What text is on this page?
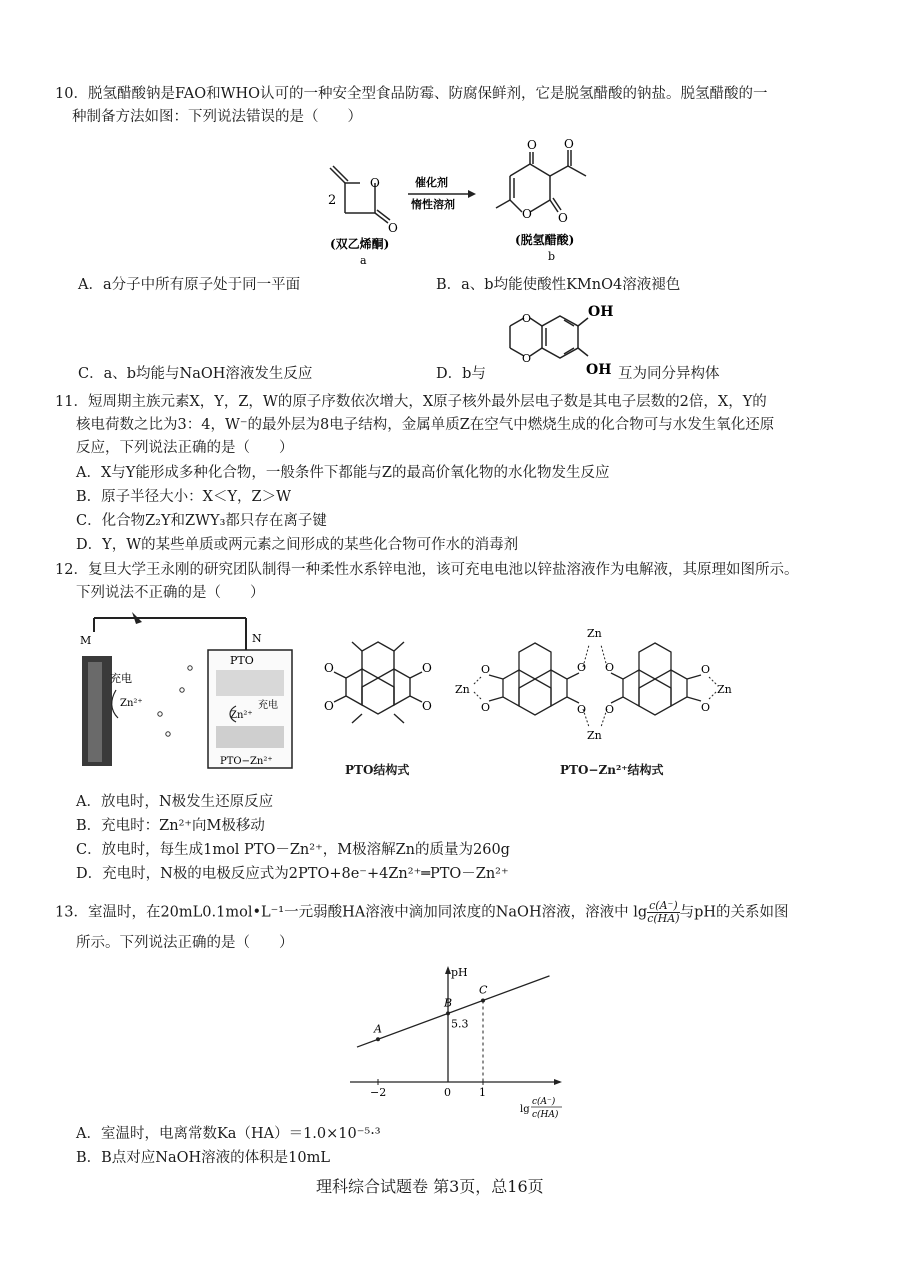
10．脱氢醋酸钠是FAO和WHO认可的一种安全型食品防霉、防腐保鲜剂，它是脱氢醋酸的钠盐。脱氢醋酸的一
种制备方法如图：下列说法错误的是（　　）
O
O
2
(双乙烯酮)
a
催化剂
惰性溶剂
O O
O O
(脱氢醋酸)
b
A．a分子中所有原子处于同一平面	B．a、b均能使酸性KMnO4溶液褪色
O
O
OH
OH
C．a、b均能与NaOH溶液发生反应	D．b与	互为同分异构体
11．短周期主族元素X，Y，Z，W的原子序数依次增大，X原子核外最外层电子数是其电子层数的2倍，X，Y的
核电荷数之比为3：4，W⁻的最外层为8电子结构，金属单质Z在空气中燃烧生成的化合物可与水发生氧化还原
反应，下列说法正确的是（　　）
A．X与Y能形成多种化合物，一般条件下都能与Z的最高价氧化物的水化物发生反应
B．原子半径大小：X＜Y，Z＞W
C．化合物Z₂Y和ZWY₃都只存在离子键
D．Y，W的某些单质或两元素之间形成的某些化合物可作水的消毒剂
12．复旦大学王永刚的研究团队制得一种柔性水系锌电池，该可充电电池以锌盐溶液作为电解液，其原理如图所示。
下列说法不正确的是（　　）
M	N
充电
Zn²⁺
PTO
充电
Zn²⁺
PTO−Zn²⁺
O
O
O
O
PTO结构式
Zn
Zn
Zn	Zn
O
O
O
O
O
O
O
O
PTO−Zn²⁺结构式
A．放电时，N极发生还原反应
B．充电时：Zn²⁺向M极移动
C．放电时，每生成1mol PTO－Zn²⁺，M极溶解Zn的质量为260g
D．充电时，N极的电极反应式为2PTO+8e⁻+4Zn²⁺═PTO－Zn²⁺
13．室温时，在20mL0.1mol•L⁻¹一元弱酸HA溶液中滴加同浓度的NaOH溶液，溶液中 $\lg \frac{c(A^-)}{c(HA)}$ 与pH的关系如图
所示。下列说法正确的是（　　）
pH
−2	0	1
A
B
C
5.3
lg
c(A⁻)
c(HA)
A．室温时，电离常数Ka（HA）＝1.0×10⁻⁵·³
B．B点对应NaOH溶液的体积是10mL
理科综合试题卷 第3页，总16页
